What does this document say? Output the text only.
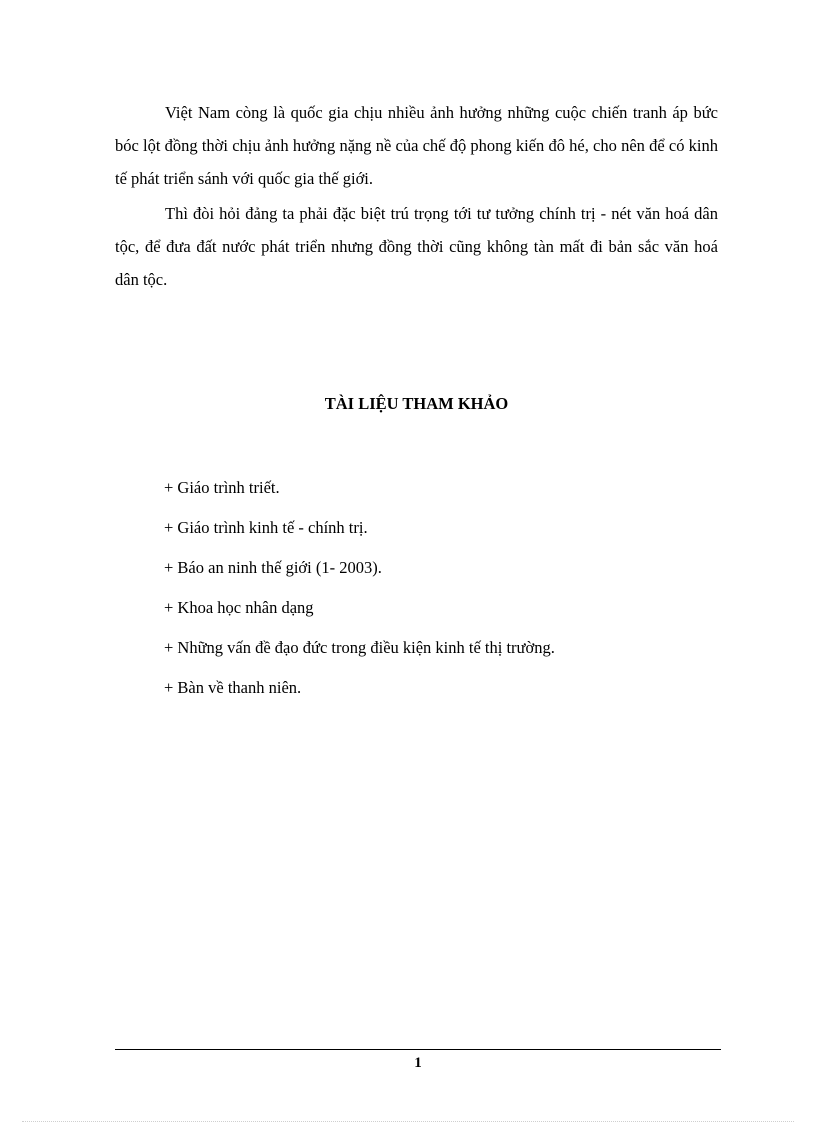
Việt Nam còng là quốc gia chịu nhiều ảnh hưởng những cuộc chiến tranh áp bức bóc lột đồng thời chịu ảnh hưởng nặng nề của chế độ phong kiến đô hé, cho nên để có kinh tế phát triển sánh với quốc gia thế giới.

Thì đòi hỏi đảng ta phải đặc biệt trú trọng tới tư tưởng chính trị - nét văn hoá dân tộc, để đưa đất nước phát triển nhưng đồng thời cũng không tàn mất đi bản sắc văn hoá dân tộc.

TÀI LIỆU THAM KHẢO
+ Giáo trình triết.
+ Giáo trình kinh tế - chính trị.
+ Báo an ninh thế giới (1- 2003).
+ Khoa học nhân dạng
+ Những vấn đề đạo đức trong điều kiện kinh tế thị trường.
+ Bàn về thanh niên.
1
